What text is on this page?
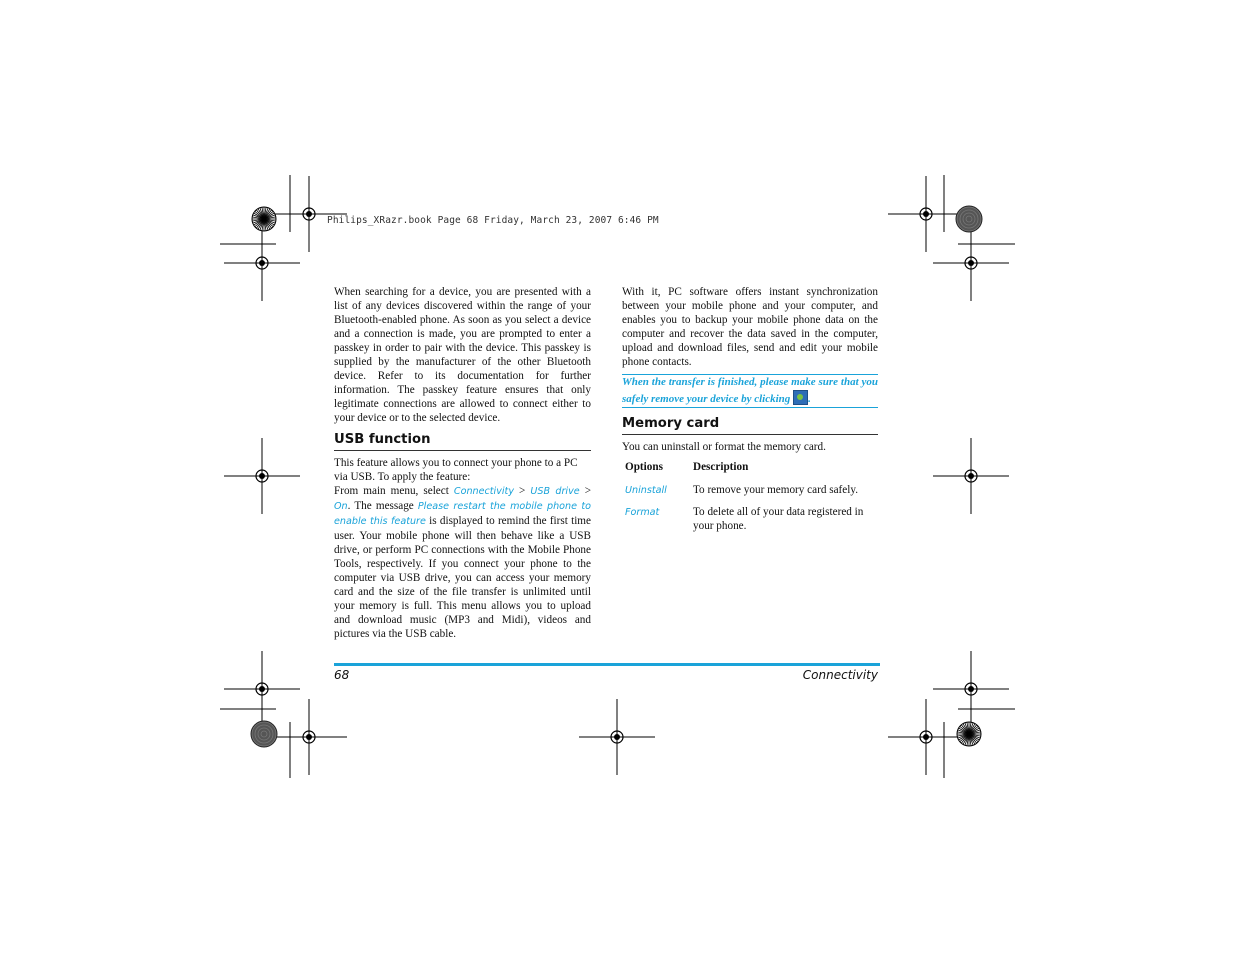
Philips_XRazr.book Page 68 Friday, March 23, 2007 6:46 PM

When searching for a device, you are presented with a list of any devices discovered within the range of your Bluetooth-enabled phone. As soon as you select a device and a connection is made, you are prompted to enter a passkey in order to pair with the device. This passkey is supplied by the manufacturer of the other Bluetooth device. Refer to its documentation for further information. The passkey feature ensures that only legitimate connections are allowed to connect either to your device or to the selected device.

USB function

This feature allows you to connect your phone to a PC via USB. To apply the feature:

From main menu, select Connectivity > USB drive > On. The message Please restart the mobile phone to enable this feature is displayed to remind the first time user. Your mobile phone will then behave like a USB drive, or perform PC connections with the Mobile Phone Tools, respectively. If you connect your phone to the computer via USB drive, you can access your memory card and the size of the file transfer is unlimited until your memory is full. This menu allows you to upload and download music (MP3 and Midi), videos and pictures via the USB cable.

With it, PC software offers instant synchronization between your mobile phone and your computer, and enables you to backup your mobile phone data on the computer and recover the data saved in the computer, upload and download files, send and edit your mobile phone contacts.

When the transfer is finished, please make sure that you safely remove your device by clicking .
Memory card

You can uninstall or format the memory card.

Options	Description
Uninstall	To remove your memory card safely.
Format	To delete all of your data registered in your phone.
68	Connectivity
